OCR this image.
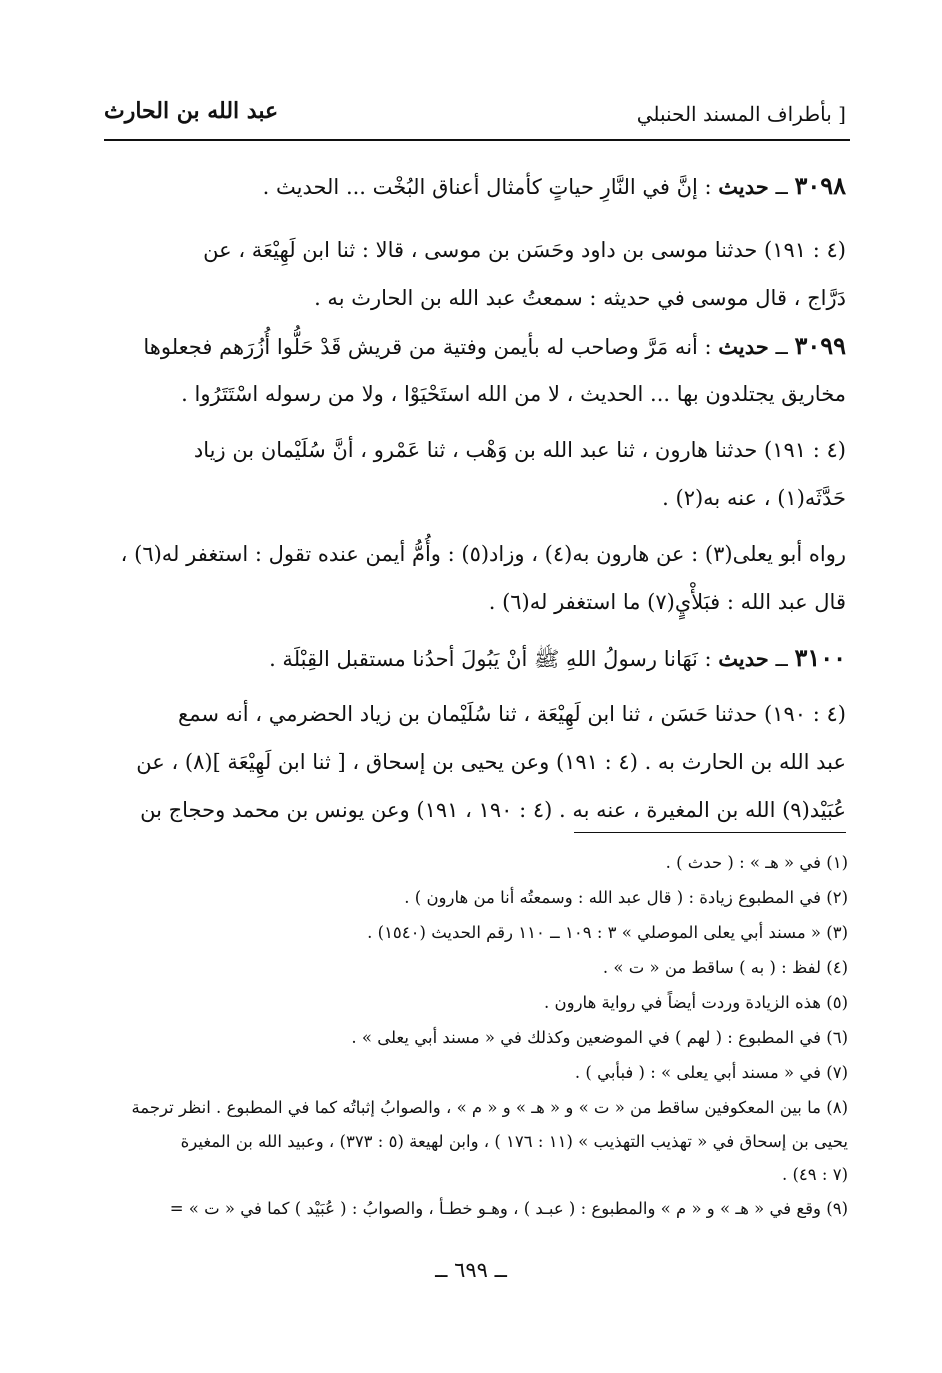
عبد الله بن الحارث	بأطراف المسند الحنبلي ]
٣٠٩٨ ــ حديث : إنَّ في النَّارِ حياتٍ كأمثال أعناق البُخْت ... الحديث .
(٤ : ١٩١) حدثنا موسى بن داود وحَسَن بن موسى ، قالا : ثنا ابن لَهِيْعَة ، عن
دَرَّاج ، قال موسى في حديثه : سمعتُ عبد الله بن الحارث به .
٣٠٩٩ ــ حديث : أنه مَرَّ وصاحب له بأيمن وفتية من قريش قَدْ حَلُّوا أُزُرَهم فجعلوها
مخاريق يجتلدون بها ... الحديث ، لا من الله استَحْيَوْا ، ولا من رسوله اسْتَتَرُوا .
(٤ : ١٩١) حدثنا هارون ، ثنا عبد الله بن وَهْب ، ثنا عَمْرو ، أنَّ سُلَيْمان بن زياد
حَدَّثَه(١) ، عنه به(٢) .
رواه أبو يعلى(٣) : عن هارون به(٤) ، وزاد(٥) : وأُمُّ أيمن عنده تقول : استغفر له(٦) ،
قال عبد الله : فبَلأْيٍ(٧) ما استغفر له(٦) .
٣١٠٠ ــ حديث : نَهَانا رسولُ اللهِ ﷺ أنْ يَبُولَ أحدُنا مستقبل القِبْلَة .
(٤ : ١٩٠) حدثنا حَسَن ، ثنا ابن لَهِيْعَة ، ثنا سُلَيْمان بن زياد الحضرمي ، أنه سمع
عبد الله بن الحارث به . (٤ : ١٩١) وعن يحيى بن إسحاق ، [ ثنا ابن لَهِيْعَة ](٨) ، عن
عُبَيْد(٩) الله بن المغيرة ، عنه به . (٤ : ١٩٠ ، ١٩١) وعن يونس بن محمد وحجاج بن
(١) في « هـ » : ( حدث ) .
(٢) في المطبوع زيادة : ( قال عبد الله : وسمعتُه أنا من هارون ) .
(٣) « مسند أبي يعلى الموصلي » ٣ : ١٠٩ ــ ١١٠ رقم الحديث (١٥٤٠) .
(٤) لفظ : ( به ) ساقط من « ت » .
(٥) هذه الزيادة وردت أيضاً في رواية هارون .
(٦) في المطبوع : ( لهم ) في الموضعين وكذلك في « مسند أبي يعلى » .
(٧) في « مسند أبي يعلى » : ( فبأبي ) .
(٨) ما بين المعكوفين ساقط من « ت » و « هـ » و « م » ، والصوابُ إثباتُه كما في المطبوع . انظر ترجمة
يحيى بن إسحاق في « تهذيب التهذيب » (١١ : ١٧٦ ) ، وابن لهيعة (٥ : ٣٧٣) ، وعبيد الله بن المغيرة
(٧ : ٤٩) .
(٩) وقع في « هـ » و « م » والمطبوع : ( عبـد ) ، وهـو خطـأ ، والصوابُ : ( عُبَيْد ) كما في « ت » =
ــ ٦٩٩ ــ
